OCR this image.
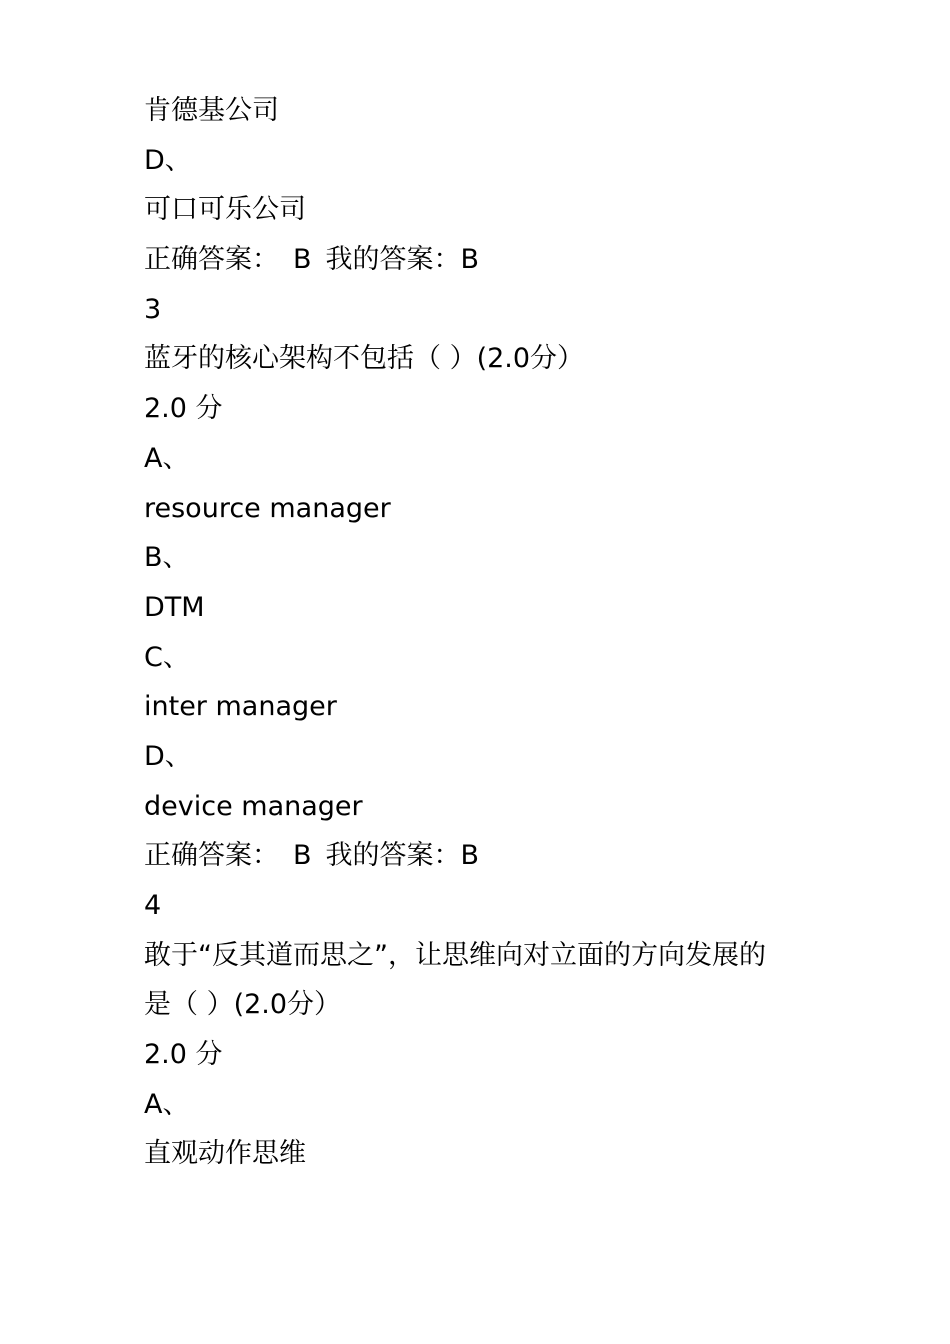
肯德基公司
D、
可口可乐公司
正确答案： B 我的答案：B
3
蓝牙的核心架构不包括（ ）(2.0分）
2.0 分
A、
resource manager
B、
DTM
C、
inter manager
D、
device manager
正确答案： B 我的答案：B
4
敢于“反其道而思之”，让思维向对立面的方向发展的
是（ ）(2.0分）
2.0 分
A、
直观动作思维
